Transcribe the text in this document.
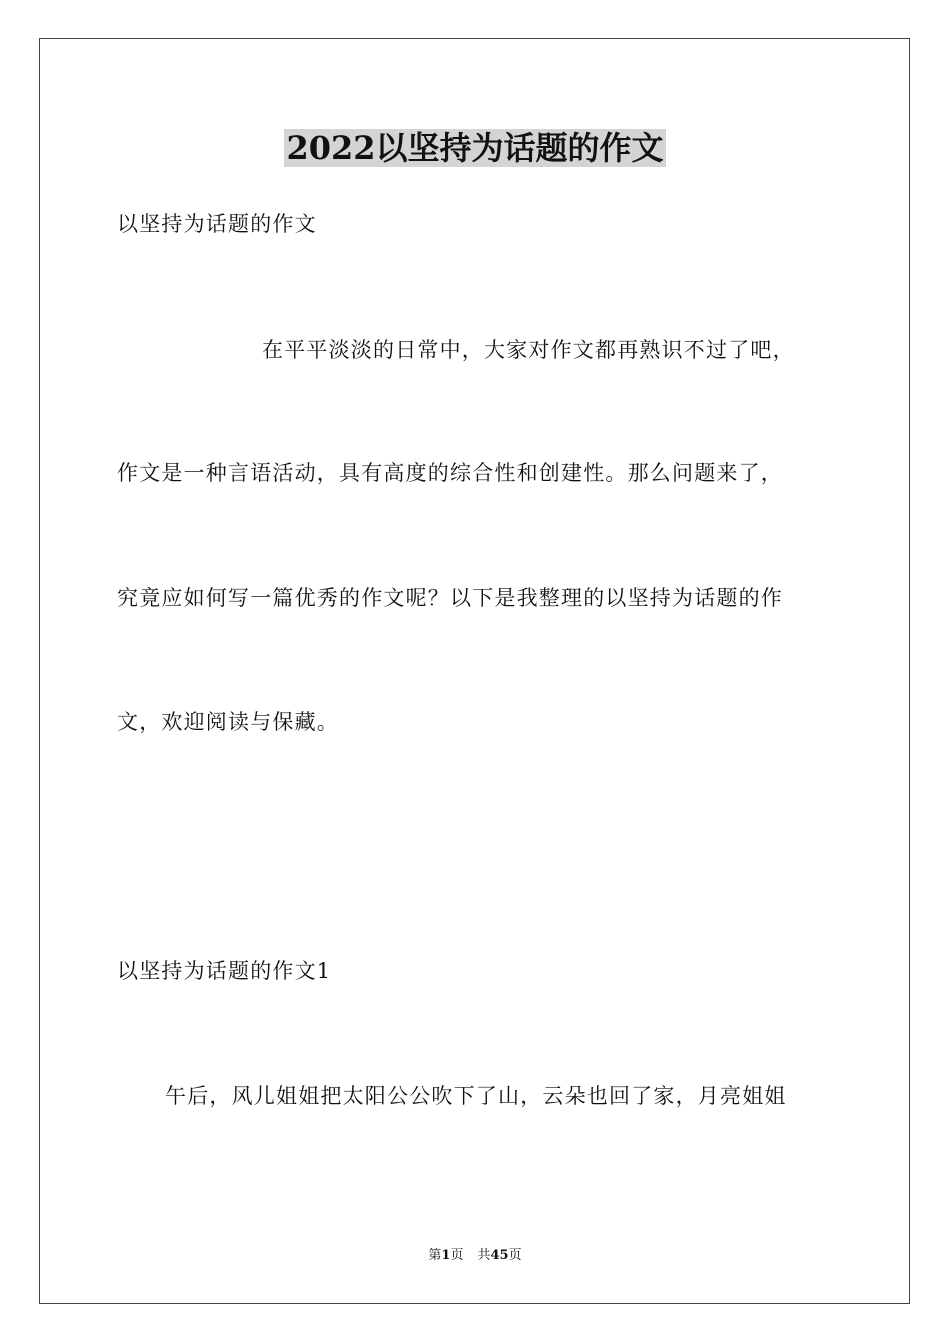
2022以坚持为话题的作文
以坚持为话题的作文
在平平淡淡的日常中，大家对作文都再熟识不过了吧，
作文是一种言语活动，具有高度的综合性和创建性。那么问题来了，
究竟应如何写一篇优秀的作文呢？以下是我整理的以坚持为话题的作
文，欢迎阅读与保藏。
以坚持为话题的作文1
午后，风儿姐姐把太阳公公吹下了山，云朵也回了家，月亮姐姐
第1页 共45页
